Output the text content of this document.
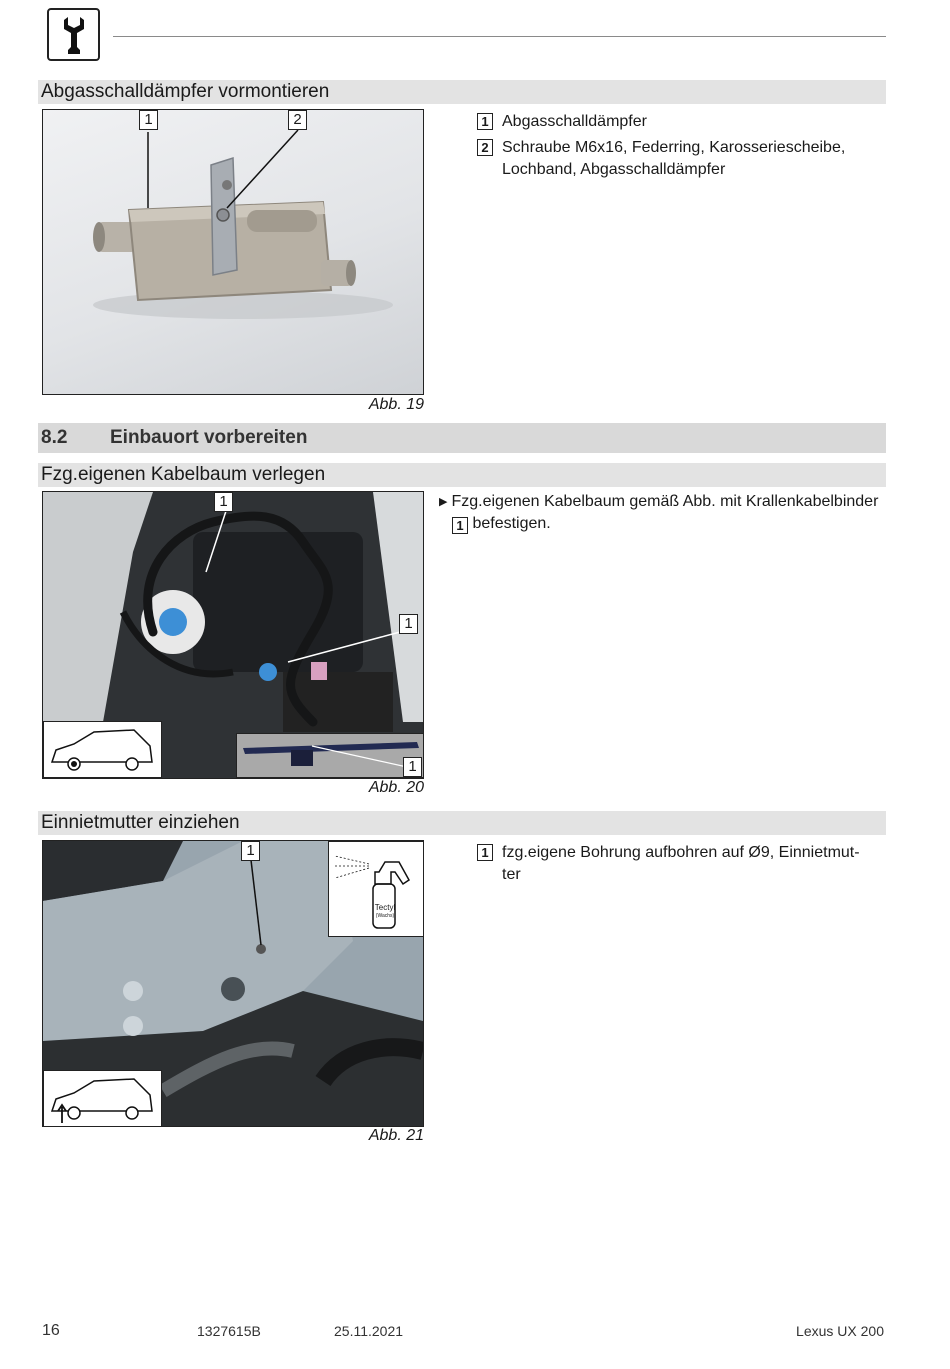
Abgasschalldämpfer vormontieren
1	2
Abb. 19
1 Abgasschalldämpfer
2 Schraube M6x16, Federring, Karosseriescheibe,
Lochband, Abgasschalldämpfer
8.2 Einbauort vorbereiten
Fzg.eigenen Kabelbaum verlegen
1
1
1
Abb. 20
▶ Fzg.eigenen Kabelbaum gemäß Abb. mit Krallenkabelbinder
1 befestigen.
Einnietmutter einziehen
1
Tectyl
(Wachs)
Abb. 21
1 fzg.eigene Bohrung aufbohren auf Ø9, Einnietmut-
ter
16	1327615B	25.11.2021	Lexus UX 200
